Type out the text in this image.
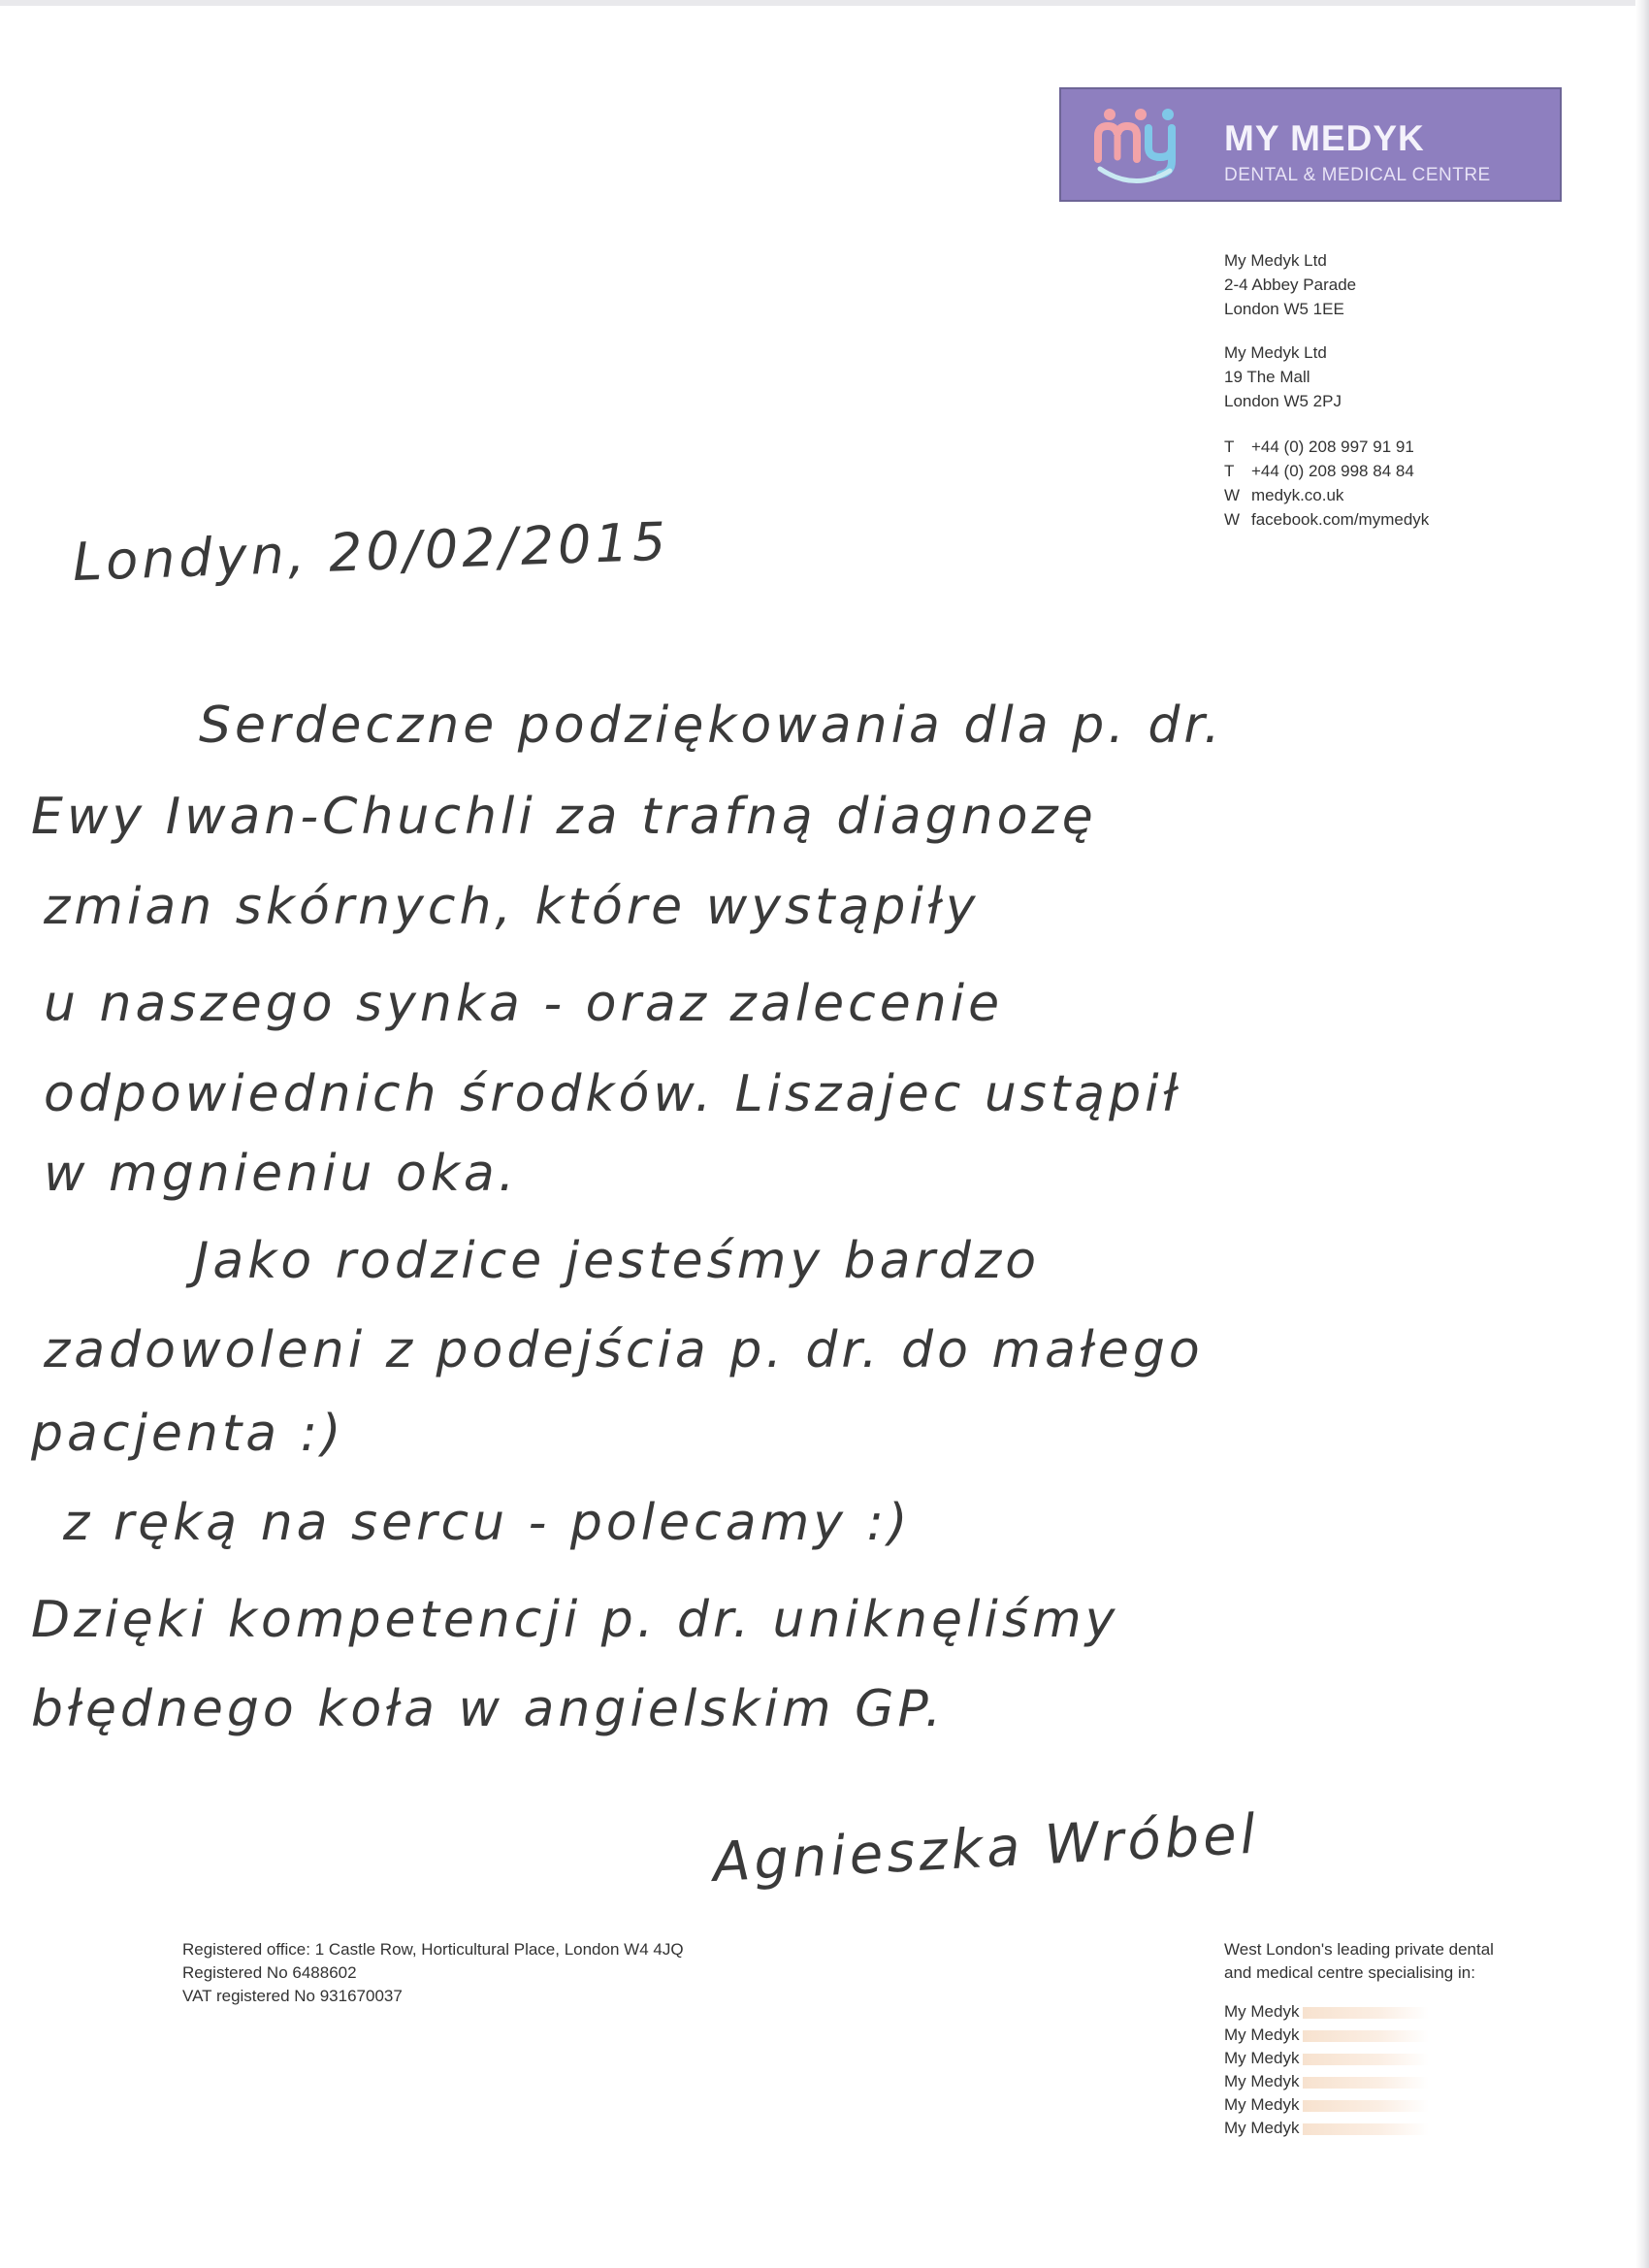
MY MEDYK
DENTAL & MEDICAL CENTRE
My Medyk Ltd
2-4 Abbey Parade
London W5 1EE
My Medyk Ltd
19 The Mall
London W5 2PJ
T +44 (0) 208 997 91 91
T +44 (0) 208 998 84 84
W medyk.co.uk
W facebook.com/mymedyk
Londyn, 20/02/2015
Serdeczne podziękowania dla p. dr.
Ewy Iwan-Chuchli za trafną diagnozę
zmian skórnych, które wystąpiły
u naszego synka - oraz zalecenie
odpowiednich środków. Liszajec ustąpił
w mgnieniu oka.
Jako rodzice jesteśmy bardzo
zadowoleni z podejścia p. dr. do małego
pacjenta :)
z ręką na sercu - polecamy :)
Dzięki kompetencji p. dr. uniknęliśmy
błędnego koła w angielskim GP.
Agnieszka Wróbel
Registered office: 1 Castle Row, Horticultural Place, London W4 4JQ
Registered No 6488602
VAT registered No 931670037
West London's leading private dental
and medical centre specialising in:
My Medyk
My Medyk
My Medyk
My Medyk
My Medyk
My Medyk
